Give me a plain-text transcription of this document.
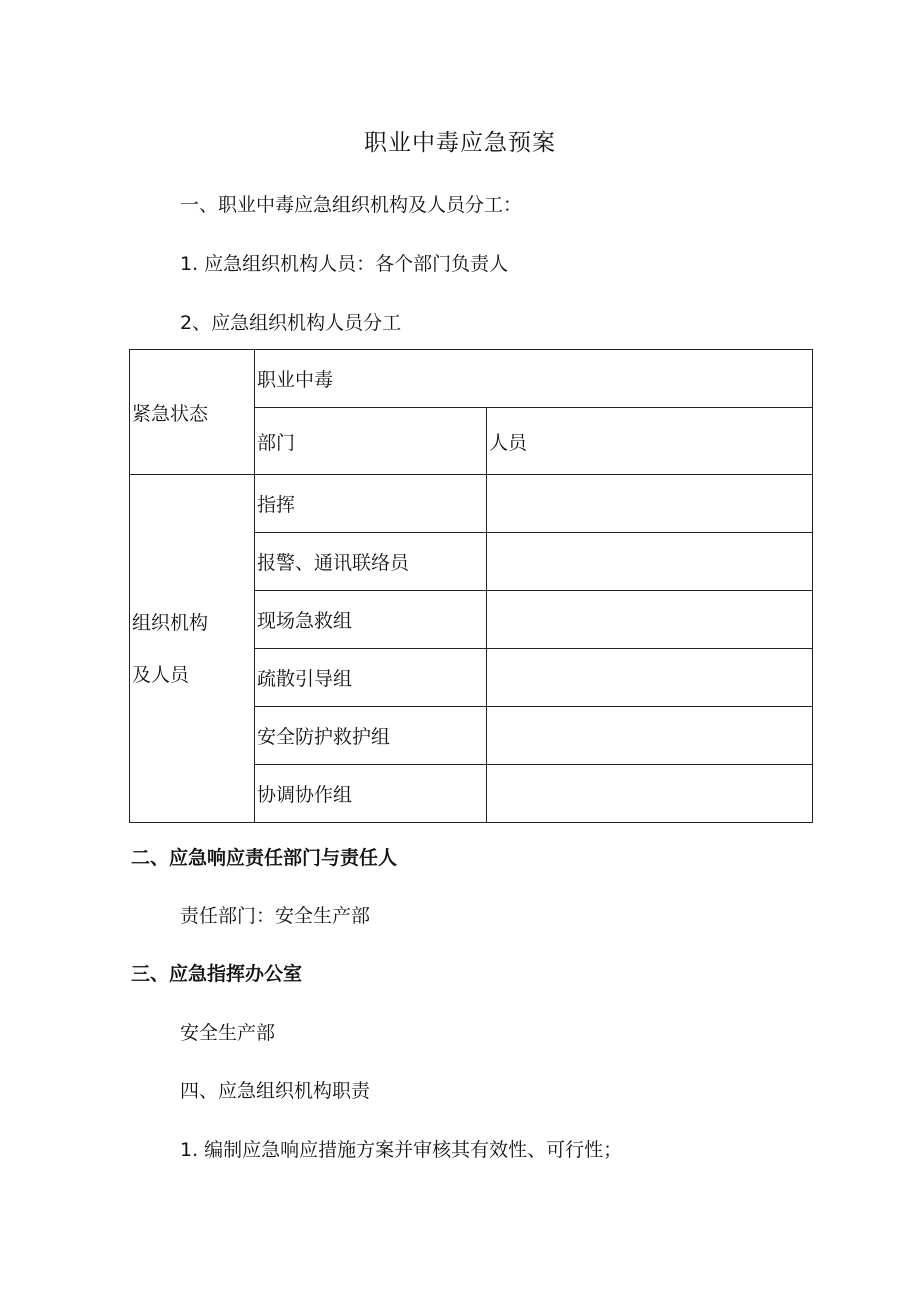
职业中毒应急预案
一、职业中毒应急组织机构及人员分工：
1. 应急组织机构人员：各个部门负责人
2、应急组织机构人员分工
紧急状态	职业中毒	
	部门	人员

组织机构
及人员	指挥	
	报警、通讯联络员	
	现场急救组	
	疏散引导组	
	安全防护救护组	
	协调协作组	
二、应急响应责任部门与责任人
责任部门：安全生产部
三、应急指挥办公室
安全生产部
四、应急组织机构职责
1. 编制应急响应措施方案并审核其有效性、可行性；
